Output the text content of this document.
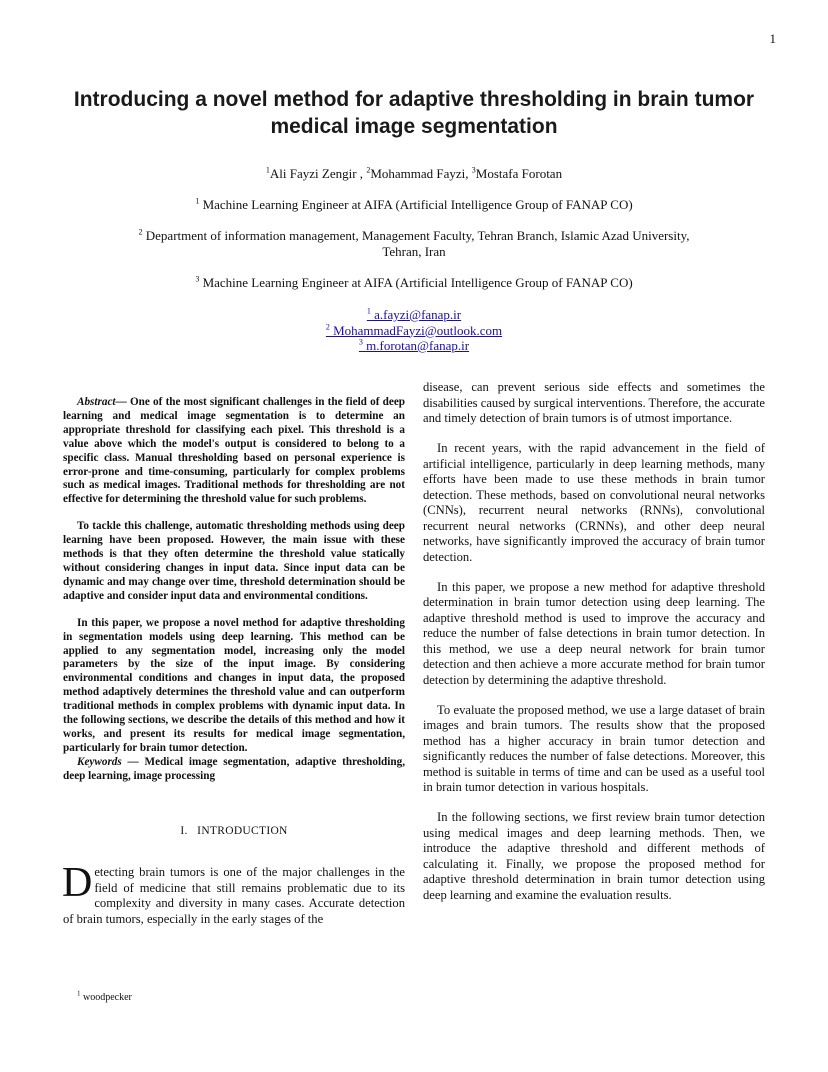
1
Introducing a novel method for adaptive thresholding in brain tumor medical image segmentation
$^1$Ali Fayzi Zengir , $^2$Mohammad Fayzi, $^3$Mostafa Forotan
$^1$ Machine Learning Engineer at AIFA (Artificial Intelligence Group of FANAP CO)
$^2$ Department of information management, Management Faculty, Tehran Branch, Islamic Azad University, Tehran, Iran
$^3$ Machine Learning Engineer at AIFA (Artificial Intelligence Group of FANAP CO)
$^1$ a.fayzi@fanap.ir
$^2$ MohammadFayzi@outlook.com
$^3$ m.forotan@fanap.ir

Abstract— One of the most significant challenges in the field of deep learning and medical image segmentation is to determine an appropriate threshold for classifying each pixel. This threshold is a value above which the model's output is considered to belong to a specific class. Manual thresholding based on personal experience is error-prone and time-consuming, particularly for complex problems such as medical images. Traditional methods for thresholding are not effective for determining the threshold value for such problems.

To tackle this challenge, automatic thresholding methods using deep learning have been proposed. However, the main issue with these methods is that they often determine the threshold value statically without considering changes in input data. Since input data can be dynamic and may change over time, threshold determination should be adaptive and consider input data and environmental conditions.

In this paper, we propose a novel method for adaptive thresholding in segmentation models using deep learning. This method can be applied to any segmentation model, increasing only the model parameters by the size of the input image. By considering environmental conditions and changes in input data, the proposed method adaptively determines the threshold value and can outperform traditional methods in complex problems with dynamic input data. In the following sections, we describe the details of this method and how it works, and present its results for medical image segmentation, particularly for brain tumor detection.

Keywords — Medical image segmentation, adaptive thresholding, deep learning, image processing

I. INTRODUCTION

Detecting brain tumors is one of the major challenges in the field of medicine that still remains problematic due to its complexity and diversity in many cases. Accurate detection of brain tumors, especially in the early stages of the

disease, can prevent serious side effects and sometimes the disabilities caused by surgical interventions. Therefore, the accurate and timely detection of brain tumors is of utmost importance.

In recent years, with the rapid advancement in the field of artificial intelligence, particularly in deep learning methods, many efforts have been made to use these methods in brain tumor detection. These methods, based on convolutional neural networks (CNNs), recurrent neural networks (RNNs), convolutional recurrent neural networks (CRNNs), and other deep neural networks, have significantly improved the accuracy of brain tumor detection.

In this paper, we propose a new method for adaptive threshold determination in brain tumor detection using deep learning. The adaptive threshold method is used to improve the accuracy and reduce the number of false detections in brain tumor detection. In this method, we use a deep neural network for brain tumor detection and then achieve a more accurate method for brain tumor detection by determining the adaptive threshold.

To evaluate the proposed method, we use a large dataset of brain images and brain tumors. The results show that the proposed method has a higher accuracy in brain tumor detection and significantly reduces the number of false detections. Moreover, this method is suitable in terms of time and can be used as a useful tool in brain tumor detection in various hospitals.

In the following sections, we first review brain tumor detection using medical images and deep learning methods. Then, we introduce the adaptive threshold and different methods of calculating it. Finally, we propose the proposed method for adaptive threshold determination in brain tumor detection using deep learning and examine the evaluation results.

$^1$ woodpecker
